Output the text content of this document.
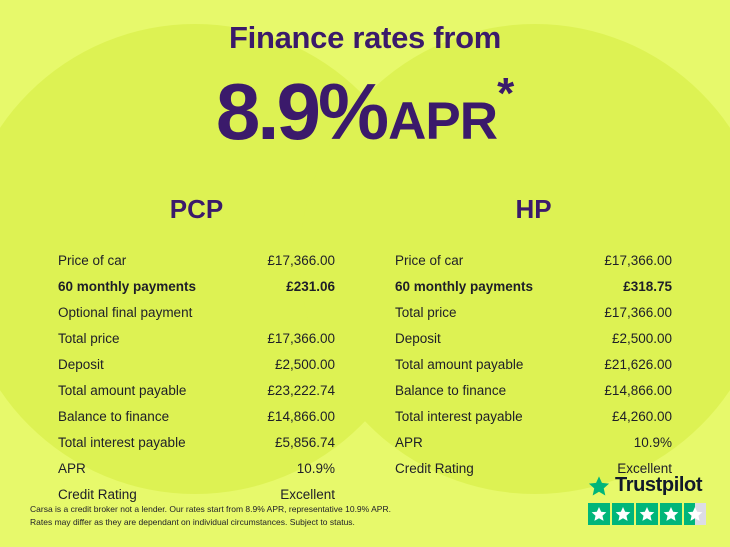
Finance rates from
8.9%APR*
PCP
Price of car	£17,366.00
60 monthly payments	£231.06
Optional final payment
Total price	£17,366.00
Deposit	£2,500.00
Total amount payable	£23,222.74
Balance to finance	£14,866.00
Total interest payable	£5,856.74
APR	10.9%
Credit Rating	Excellent
HP
Price of car	£17,366.00
60 monthly payments	£318.75
Total price	£17,366.00
Deposit	£2,500.00
Total amount payable	£21,626.00
Balance to finance	£14,866.00
Total interest payable	£4,260.00
APR	10.9%
Credit Rating	Excellent
Carsa is a credit broker not a lender. Our rates start from 8.9% APR, representative 10.9% APR.
Rates may differ as they are dependant on individual circumstances. Subject to status.
Trustpilot
